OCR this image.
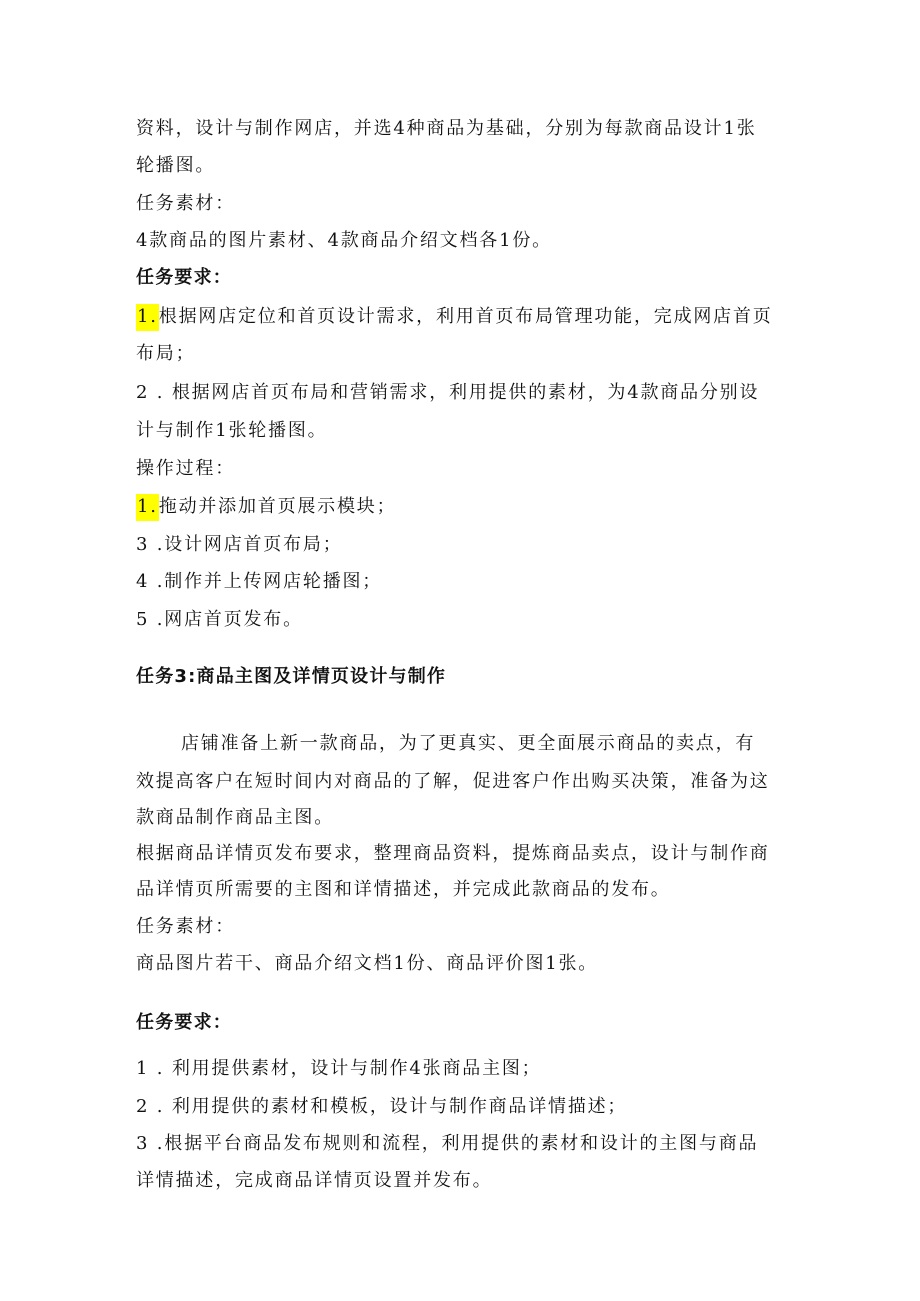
资料，设计与制作网店，并选4种商品为基础，分别为每款商品设计1张

轮播图。

任务素材：

4款商品的图片素材、4款商品介绍文档各1份。

任务要求：

1.根据网店定位和首页设计需求，利用首页布局管理功能，完成网店首页

布局；

2 . 根据网店首页布局和营销需求，利用提供的素材，为4款商品分别设

计与制作1张轮播图。

操作过程：

1.拖动并添加首页展示模块；

3 .设计网店首页布局；

4 .制作并上传网店轮播图；

5 .网店首页发布。

任务3:商品主图及详情页设计与制作

店铺准备上新一款商品，为了更真实、更全面展示商品的卖点，有

效提高客户在短时间内对商品的了解，促进客户作出购买决策，准备为这

款商品制作商品主图。

根据商品详情页发布要求，整理商品资料，提炼商品卖点，设计与制作商

品详情页所需要的主图和详情描述，并完成此款商品的发布。

任务素材：

商品图片若干、商品介绍文档1份、商品评价图1张。

任务要求：

1 . 利用提供素材，设计与制作4张商品主图；

2 . 利用提供的素材和模板，设计与制作商品详情描述；

3 .根据平台商品发布规则和流程，利用提供的素材和设计的主图与商品

详情描述，完成商品详情页设置并发布。
